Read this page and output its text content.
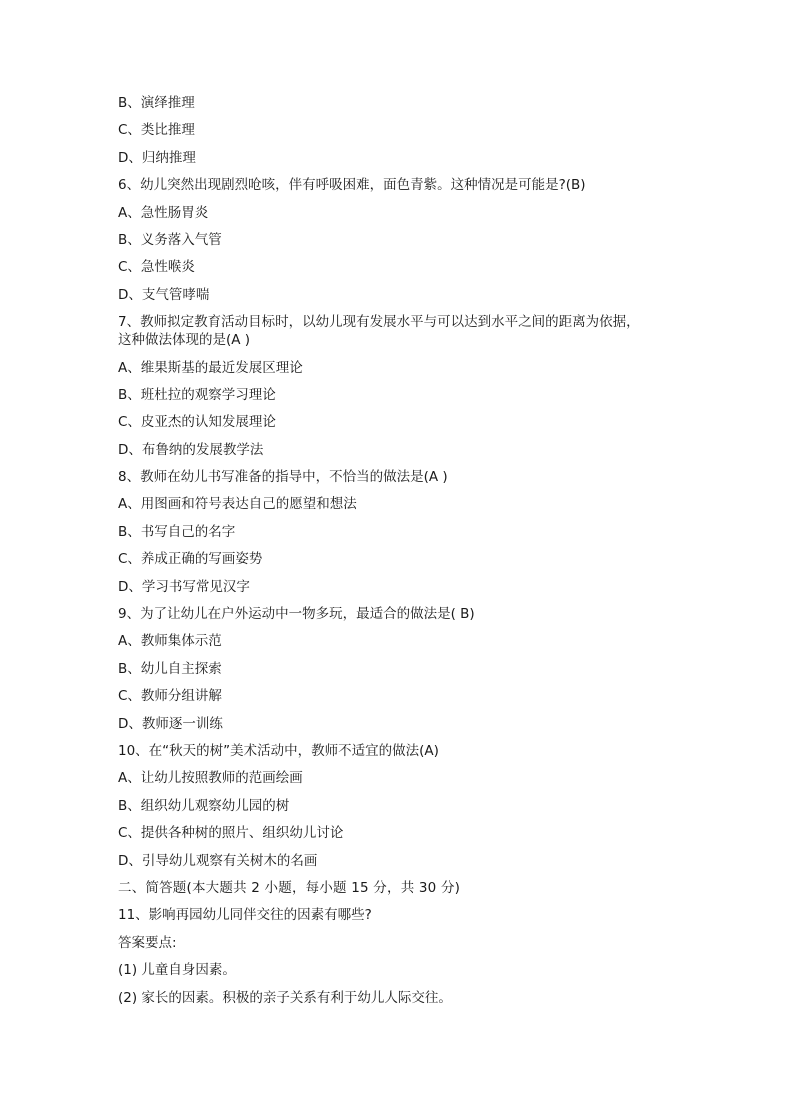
B、演绎推理
C、类比推理
D、归纳推理
6、幼儿突然出现剧烈呛咳，伴有呼吸困难，面色青紫。这种情况是可能是?(B)
A、急性肠胃炎
B、义务落入气管
C、急性喉炎
D、支气管哮喘
7、教师拟定教育活动目标时，以幼儿现有发展水平与可以达到水平之间的距离为依据，
这种做法体现的是(A )
A、维果斯基的最近发展区理论
B、班杜拉的观察学习理论
C、皮亚杰的认知发展理论
D、布鲁纳的发展教学法
8、教师在幼儿书写准备的指导中，不恰当的做法是(A )
A、用图画和符号表达自己的愿望和想法
B、书写自己的名字
C、养成正确的写画姿势
D、学习书写常见汉字
9、为了让幼儿在户外运动中一物多玩，最适合的做法是( B)
A、教师集体示范
B、幼儿自主探索
C、教师分组讲解
D、教师逐一训练
10、在“秋天的树”美术活动中，教师不适宜的做法(A)
A、让幼儿按照教师的范画绘画
B、组织幼儿观察幼儿园的树
C、提供各种树的照片、组织幼儿讨论
D、引导幼儿观察有关树木的名画
二、简答题(本大题共 2 小题，每小题 15 分，共 30 分)
11、影响再园幼儿同伴交往的因素有哪些?
答案要点:
(1) 儿童自身因素。
(2) 家长的因素。积极的亲子关系有利于幼儿人际交往。
